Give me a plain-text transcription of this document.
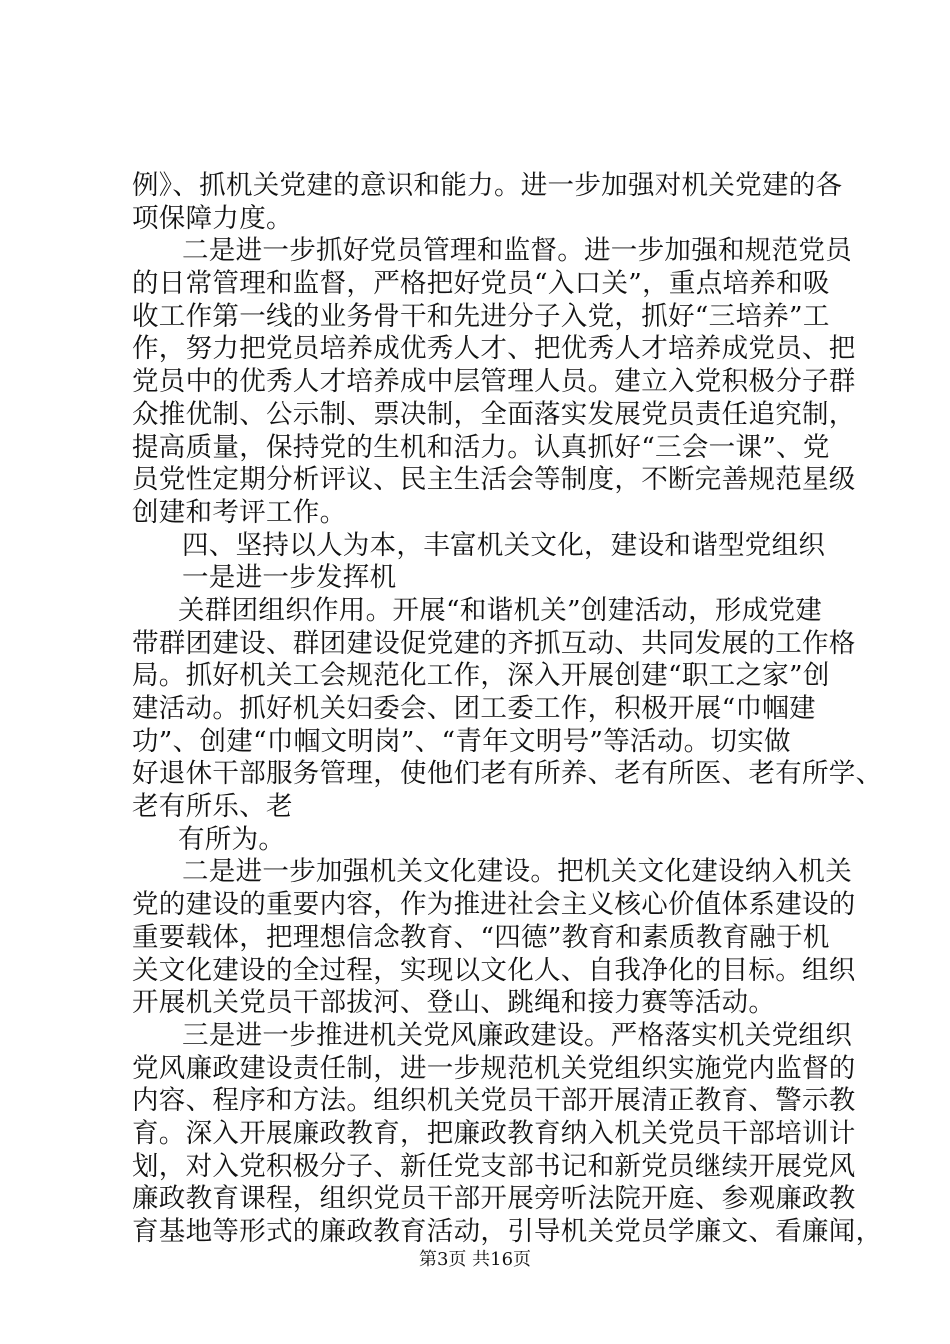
例》、抓机关党建的意识和能力。进一步加强对机关党建的各
项保障力度。
二是进一步抓好党员管理和监督。进一步加强和规范党员
的日常管理和监督，严格把好党员“入口关”，重点培养和吸
收工作第一线的业务骨干和先进分子入党，抓好“三培养”工
作，努力把党员培养成优秀人才、把优秀人才培养成党员、把
党员中的优秀人才培养成中层管理人员。建立入党积极分子群
众推优制、公示制、票决制，全面落实发展党员责任追究制，
提高质量，保持党的生机和活力。认真抓好“三会一课”、党
员党性定期分析评议、民主生活会等制度，不断完善规范星级
创建和考评工作。
四、坚持以人为本，丰富机关文化，建设和谐型党组织
一是进一步发挥机
关群团组织作用。开展“和谐机关”创建活动，形成党建
带群团建设、群团建设促党建的齐抓互动、共同发展的工作格
局。抓好机关工会规范化工作，深入开展创建“职工之家”创
建活动。抓好机关妇委会、团工委工作，积极开展“巾帼建
功”、创建“巾帼文明岗”、“青年文明号”等活动。切实做
好退休干部服务管理，使他们老有所养、老有所医、老有所学、
老有所乐、老
有所为。
二是进一步加强机关文化建设。把机关文化建设纳入机关
党的建设的重要内容，作为推进社会主义核心价值体系建设的
重要载体，把理想信念教育、“四德”教育和素质教育融于机
关文化建设的全过程，实现以文化人、自我净化的目标。组织
开展机关党员干部拔河、登山、跳绳和接力赛等活动。
三是进一步推进机关党风廉政建设。严格落实机关党组织
党风廉政建设责任制，进一步规范机关党组织实施党内监督的
内容、程序和方法。组织机关党员干部开展清正教育、警示教
育。深入开展廉政教育，把廉政教育纳入机关党员干部培训计
划，对入党积极分子、新任党支部书记和新党员继续开展党风
廉政教育课程，组织党员干部开展旁听法院开庭、参观廉政教
育基地等形式的廉政教育活动，引导机关党员学廉文、看廉闻，
第3页 共16页
